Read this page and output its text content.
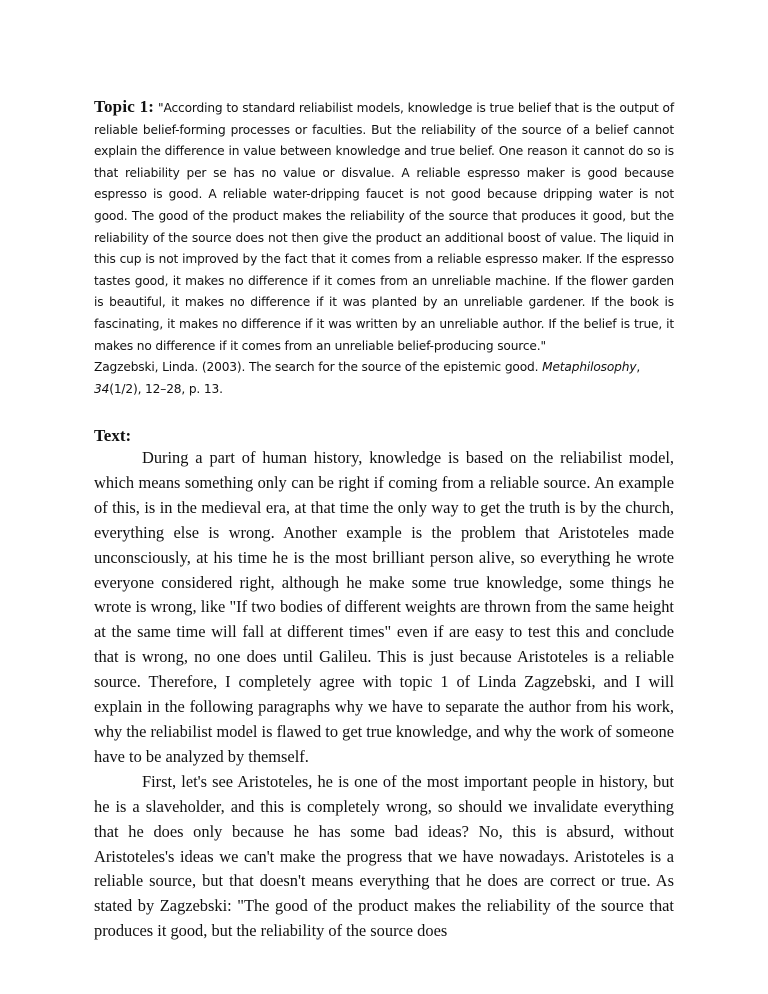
Topic 1: "According to standard reliabilist models, knowledge is true belief that is the output of reliable belief-forming processes or faculties. But the reliability of the source of a belief cannot explain the difference in value between knowledge and true belief. One reason it cannot do so is that reliability per se has no value or disvalue. A reliable espresso maker is good because espresso is good. A reliable water-dripping faucet is not good because dripping water is not good. The good of the product makes the reliability of the source that produces it good, but the reliability of the source does not then give the product an additional boost of value. The liquid in this cup is not improved by the fact that it comes from a reliable espresso maker. If the espresso tastes good, it makes no difference if it comes from an unreliable machine. If the flower garden is beautiful, it makes no difference if it was planted by an unreliable gardener. If the book is fascinating, it makes no difference if it was written by an unreliable author. If the belief is true, it makes no difference if it comes from an unreliable belief-producing source."
Zagzebski, Linda. (2003). The search for the source of the epistemic good. Metaphilosophy,
34(1/2), 12–28, p. 13.
Text:

During a part of human history, knowledge is based on the reliabilist model, which means something only can be right if coming from a reliable source. An example of this, is in the medieval era, at that time the only way to get the truth is by the church, everything else is wrong. Another example is the problem that Aristoteles made unconsciously, at his time he is the most brilliant person alive, so everything he wrote everyone considered right, although he make some true knowledge, some things he wrote is wrong, like "If two bodies of different weights are thrown from the same height at the same time will fall at different times" even if are easy to test this and conclude that is wrong, no one does until Galileu. This is just because Aristoteles is a reliable source. Therefore, I completely agree with topic 1 of Linda Zagzebski, and I will explain in the following paragraphs why we have to separate the author from his work, why the reliabilist model is flawed to get true knowledge, and why the work of someone have to be analyzed by themself.

First, let's see Aristoteles, he is one of the most important people in history, but he is a slaveholder, and this is completely wrong, so should we invalidate everything that he does only because he has some bad ideas? No, this is absurd, without Aristoteles's ideas we can't make the progress that we have nowadays. Aristoteles is a reliable source, but that doesn't means everything that he does are correct or true. As stated by Zagzebski: "The good of the product makes the reliability of the source that produces it good, but the reliability of the source does
